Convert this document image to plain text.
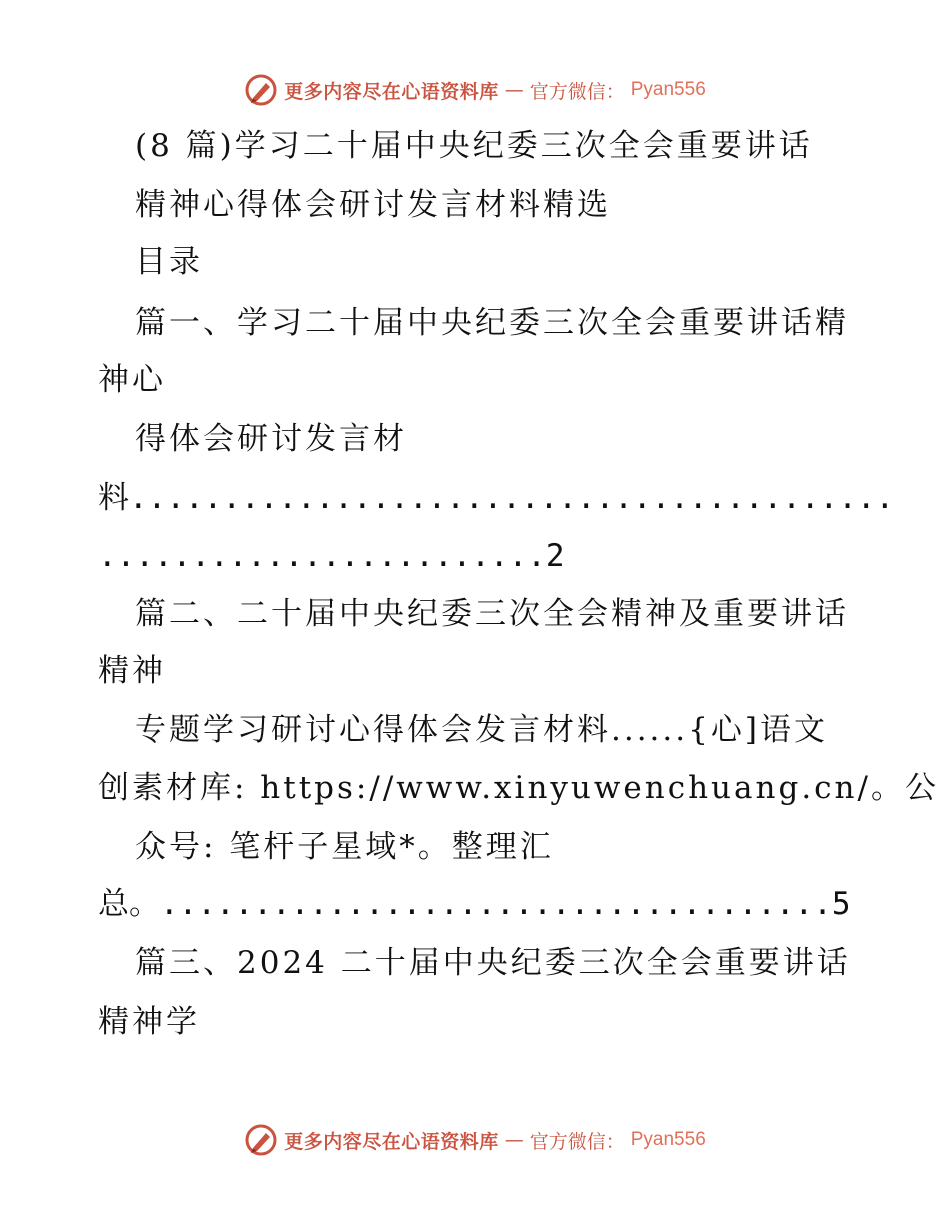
更多内容尽在心语资料库 — 官方微信： Pyan556
(8 篇)学习二十届中央纪委三次全会重要讲话
精神心得体会研讨发言材料精选
目录
篇一、学习二十届中央纪委三次全会重要讲话精
神心
得体会研讨发言材
料.........................................
........................2
篇二、二十届中央纪委三次全会精神及重要讲话
精神
专题学习研讨心得体会发言材料......{心]语文
创素材库: https://www.xinyuwenchuang.cn/。公
众号: 笔杆子星域*。整理汇
总。....................................5
篇三、2024 二十届中央纪委三次全会重要讲话
精神学
更多内容尽在心语资料库 — 官方微信： Pyan556
